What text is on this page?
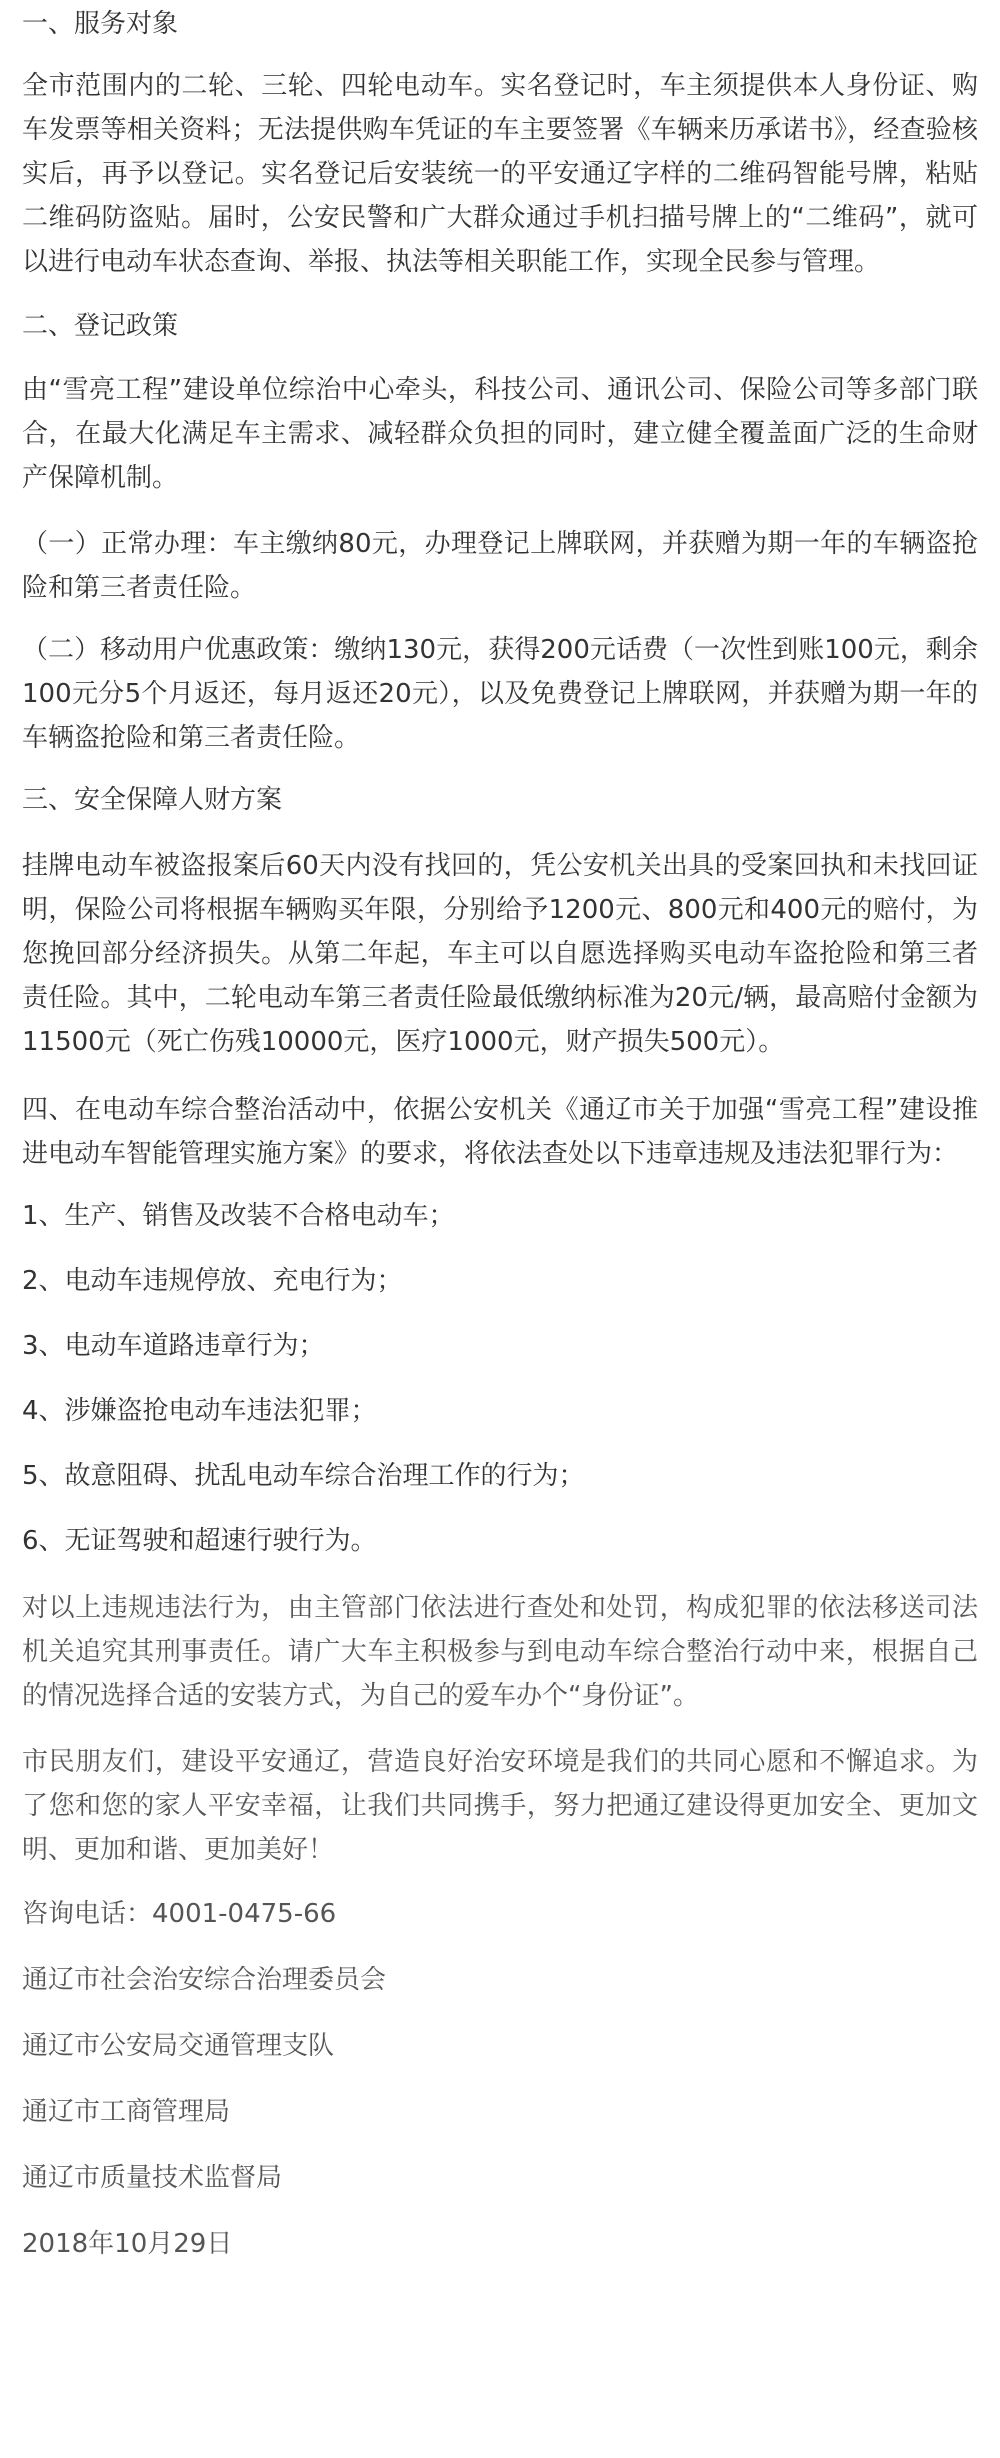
一、服务对象

全市范围内的二轮、三轮、四轮电动车。实名登记时，车主须提供本人身份证、购车发票等相关资料；无法提供购车凭证的车主要签署《车辆来历承诺书》，经查验核实后，再予以登记。实名登记后安装统一的平安通辽字样的二维码智能号牌，粘贴二维码防盗贴。届时，公安民警和广大群众通过手机扫描号牌上的“二维码”，就可以进行电动车状态查询、举报、执法等相关职能工作，实现全民参与管理。

二、登记政策

由“雪亮工程”建设单位综治中心牵头，科技公司、通讯公司、保险公司等多部门联合，在最大化满足车主需求、减轻群众负担的同时，建立健全覆盖面广泛的生命财产保障机制。

（一）正常办理：车主缴纳80元，办理登记上牌联网，并获赠为期一年的车辆盗抢险和第三者责任险。

（二）移动用户优惠政策：缴纳130元，获得200元话费（一次性到账100元，剩余100元分5个月返还，每月返还20元），以及免费登记上牌联网，并获赠为期一年的车辆盗抢险和第三者责任险。

三、安全保障人财方案

挂牌电动车被盗报案后60天内没有找回的，凭公安机关出具的受案回执和未找回证明，保险公司将根据车辆购买年限，分别给予1200元、800元和400元的赔付，为您挽回部分经济损失。从第二年起，车主可以自愿选择购买电动车盗抢险和第三者责任险。其中，二轮电动车第三者责任险最低缴纳标准为20元/辆，最高赔付金额为11500元（死亡伤残10000元，医疗1000元，财产损失500元）。

四、在电动车综合整治活动中，依据公安机关《通辽市关于加强“雪亮工程”建设推进电动车智能管理实施方案》的要求，将依法查处以下违章违规及违法犯罪行为：

1、生产、销售及改装不合格电动车；

2、电动车违规停放、充电行为；

3、电动车道路违章行为；

4、涉嫌盗抢电动车违法犯罪；

5、故意阻碍、扰乱电动车综合治理工作的行为；

6、无证驾驶和超速行驶行为。

对以上违规违法行为，由主管部门依法进行查处和处罚，构成犯罪的依法移送司法机关追究其刑事责任。请广大车主积极参与到电动车综合整治行动中来，根据自己的情况选择合适的安装方式，为自己的爱车办个“身份证”。

市民朋友们，建设平安通辽，营造良好治安环境是我们的共同心愿和不懈追求。为了您和您的家人平安幸福，让我们共同携手，努力把通辽建设得更加安全、更加文明、更加和谐、更加美好！

咨询电话：4001-0475-66

通辽市社会治安综合治理委员会

通辽市公安局交通管理支队

通辽市工商管理局

通辽市质量技术监督局

2018年10月29日
